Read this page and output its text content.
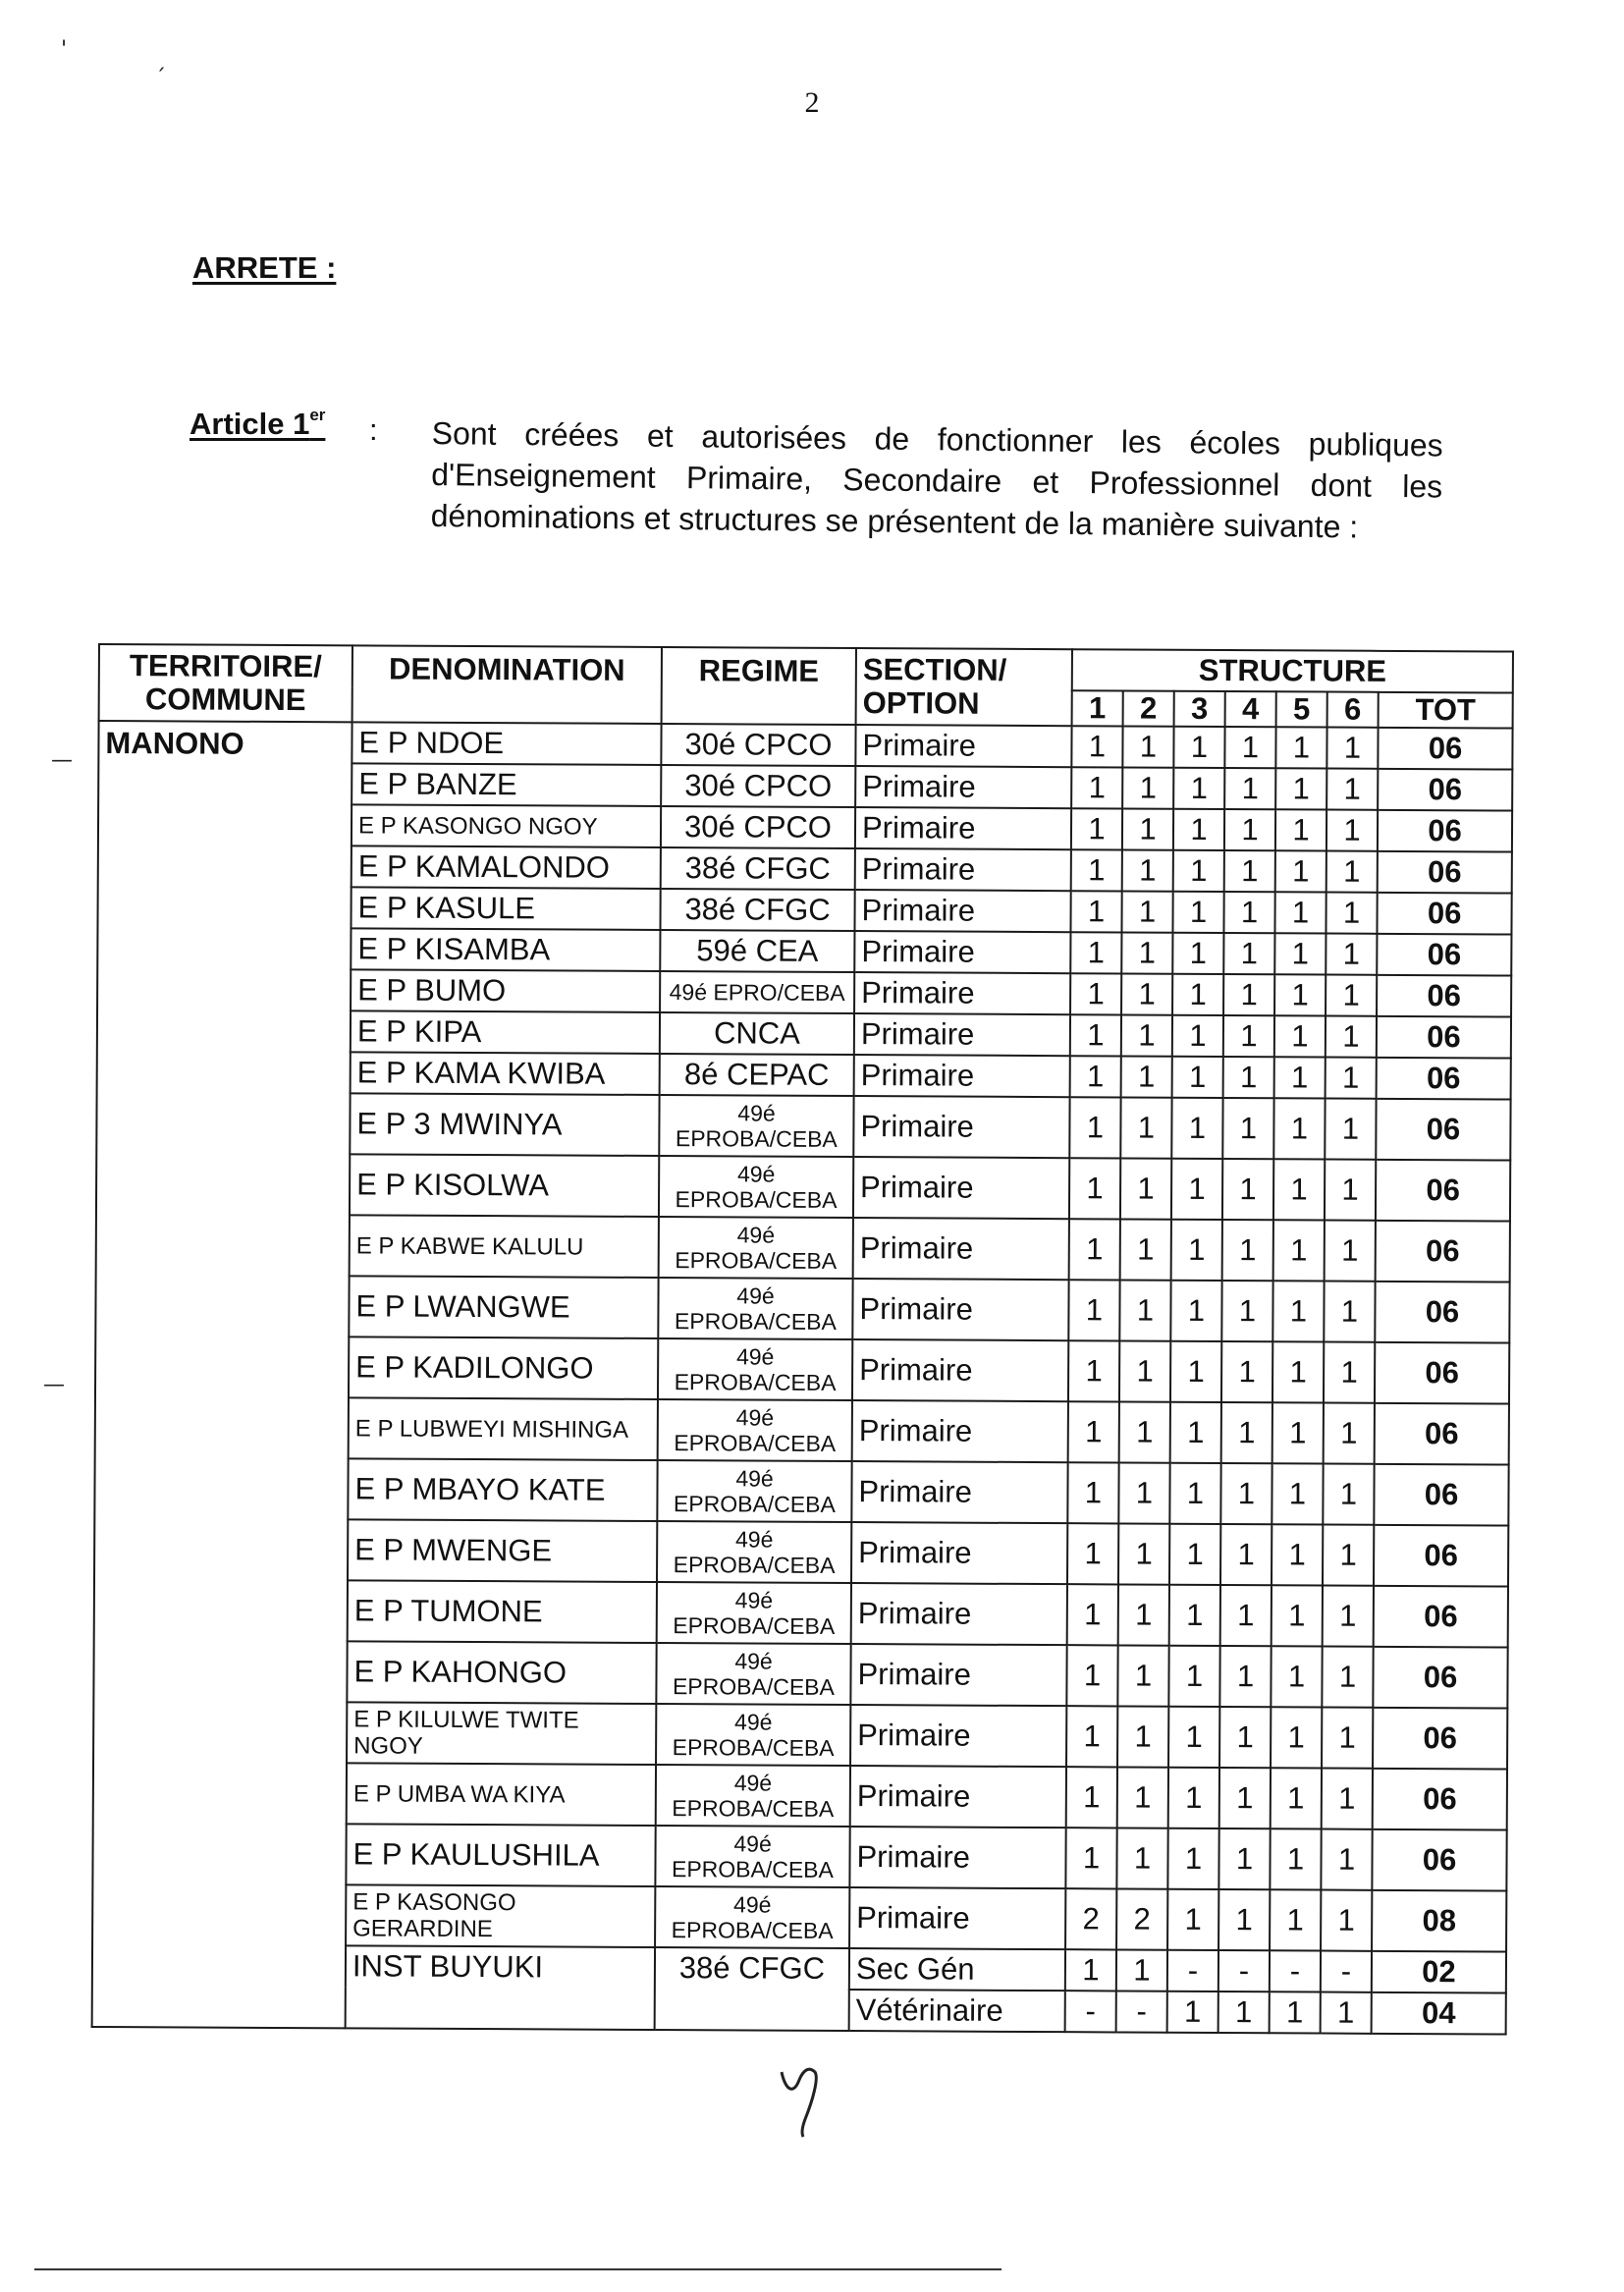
'	ˏ
—
—
2
ARRETE :
Article 1er : Sont créées et autorisées de fonctionner les écoles publiques d'Enseignement Primaire, Secondaire et Professionnel dont les dénominations et structures se présentent de la manière suivante :
TERRITOIRE/ COMMUNE	DENOMINATION	REGIME	SECTION/ OPTION	STRUCTURE						
				1	2	3	4	5	6	TOT
MANONO	E P NDOE	30é CPCO	Primaire	1	1	1	1	1	1	06
	E P BANZE	30é CPCO	Primaire	1	1	1	1	1	1	06
	E P KASONGO NGOY	30é CPCO	Primaire	1	1	1	1	1	1	06
	E P KAMALONDO	38é CFGC	Primaire	1	1	1	1	1	1	06
	E P KASULE	38é CFGC	Primaire	1	1	1	1	1	1	06
	E P KISAMBA	59é CEA	Primaire	1	1	1	1	1	1	06
	E P BUMO	49é EPRO/CEBA	Primaire	1	1	1	1	1	1	06
	E P KIPA	CNCA	Primaire	1	1	1	1	1	1	06
	E P KAMA KWIBA	8é CEPAC	Primaire	1	1	1	1	1	1	06
	E P 3 MWINYA	49é EPROBA/CEBA	Primaire	1	1	1	1	1	1	06
	E P KISOLWA	49é EPROBA/CEBA	Primaire	1	1	1	1	1	1	06
	E P KABWE KALULU	49é EPROBA/CEBA	Primaire	1	1	1	1	1	1	06
	E P LWANGWE	49é EPROBA/CEBA	Primaire	1	1	1	1	1	1	06
	E P KADILONGO	49é EPROBA/CEBA	Primaire	1	1	1	1	1	1	06
	E P LUBWEYI MISHINGA	49é EPROBA/CEBA	Primaire	1	1	1	1	1	1	06
	E P MBAYO KATE	49é EPROBA/CEBA	Primaire	1	1	1	1	1	1	06
	E P MWENGE	49é EPROBA/CEBA	Primaire	1	1	1	1	1	1	06
	E P TUMONE	49é EPROBA/CEBA	Primaire	1	1	1	1	1	1	06
	E P KAHONGO	49é EPROBA/CEBA	Primaire	1	1	1	1	1	1	06
	E P KILULWE TWITE NGOY	49é EPROBA/CEBA	Primaire	1	1	1	1	1	1	06
	E P UMBA WA KIYA	49é EPROBA/CEBA	Primaire	1	1	1	1	1	1	06
	E P KAULUSHILA	49é EPROBA/CEBA	Primaire	1	1	1	1	1	1	06
	E P KASONGO GERARDINE	49é EPROBA/CEBA	Primaire	2	2	1	1	1	1	08
	INST BUYUKI	38é CFGC	Sec Gén	1	1	-	-	-	-	02
			Vétérinaire	-	-	1	1	1	1	04
